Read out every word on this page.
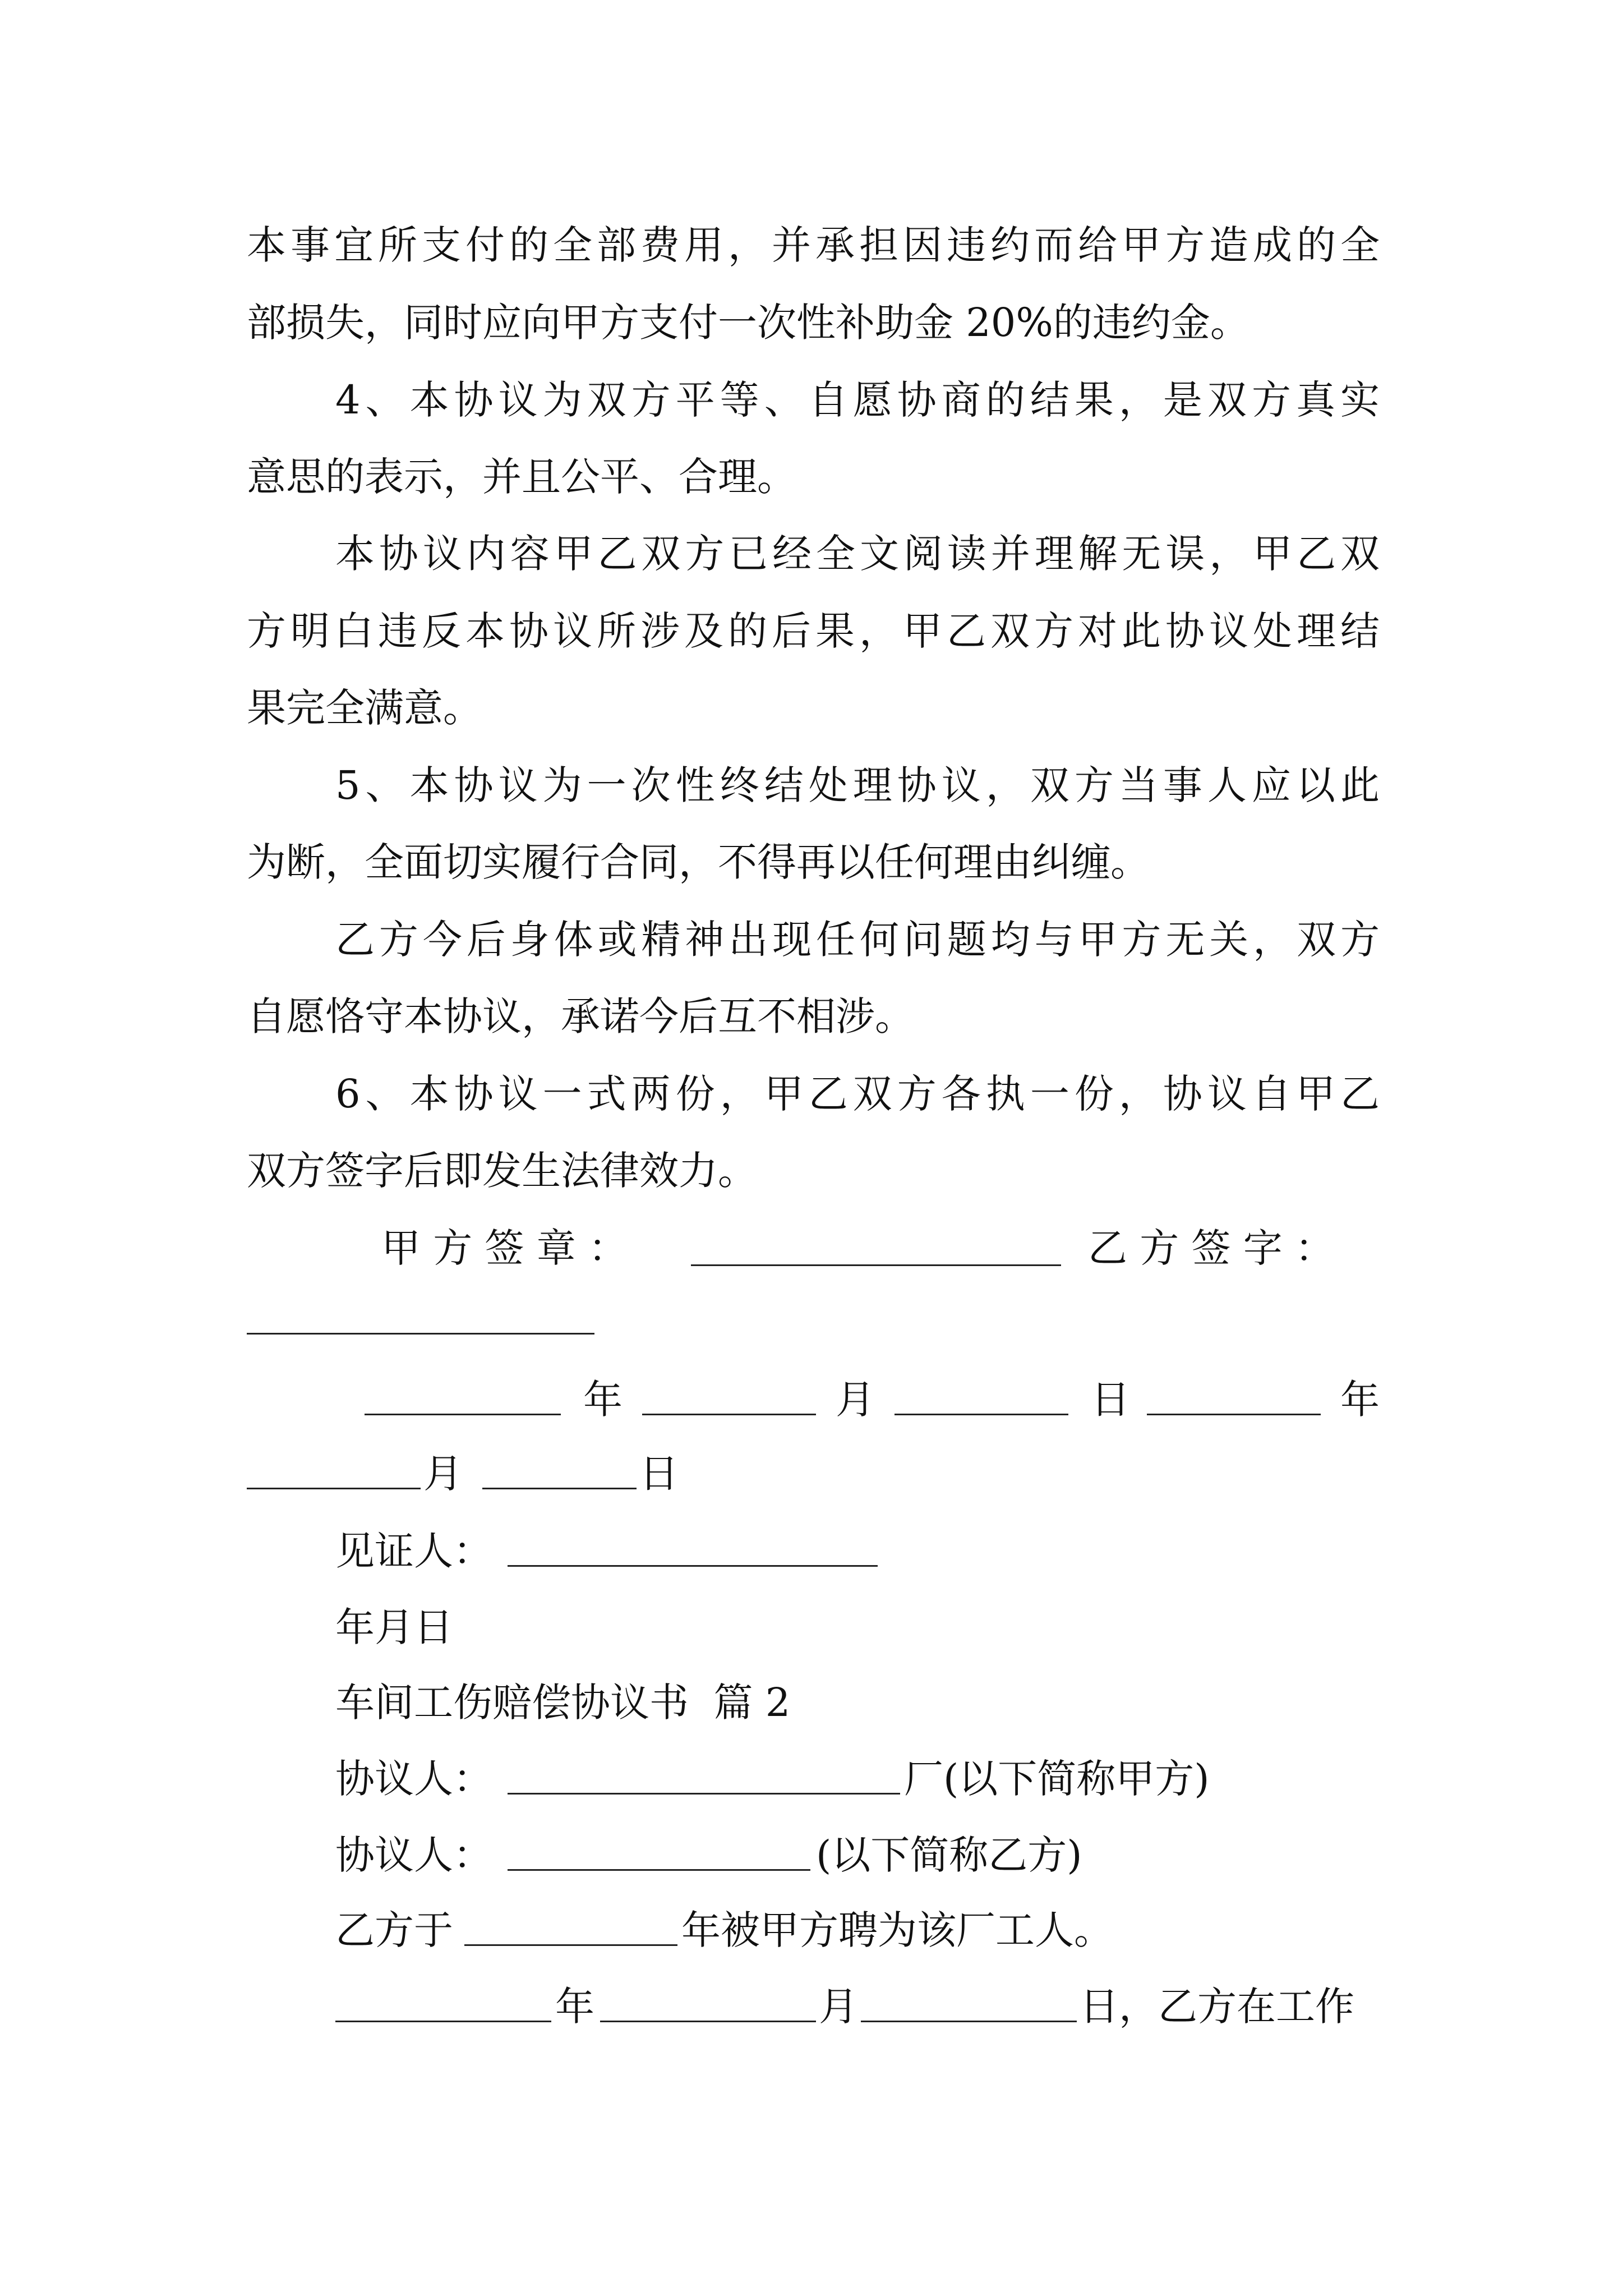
本事宜所支付的全部费用，并承担因违约而给甲方造成的全
部损失，同时应向甲方支付一次性补助金 20%的违约金。
4、本协议为双方平等、自愿协商的结果，是双方真实
意思的表示，并且公平、合理。
本协议内容甲乙双方已经全文阅读并理解无误，甲乙双
方明白违反本协议所涉及的后果，甲乙双方对此协议处理结
果完全满意。
5、本协议为一次性终结处理协议，双方当事人应以此
为断，全面切实履行合同，不得再以任何理由纠缠。
乙方今后身体或精神出现任何问题均与甲方无关，双方
自愿恪守本协议，承诺今后互不相涉。
6、本协议一式两份，甲乙双方各执一份，协议自甲乙
双方签字后即发生法律效力。
甲 方 签 章 ：	乙 方 签 字 ：
年	月	日	年
月	日
见证人：
年月日
车间工伤赔偿协议书  篇 2
协议人：	厂(以下简称甲方)
协议人：	(以下简称乙方)
乙方于	年被甲方聘为该厂工人。
年	月	日，乙方在工作
